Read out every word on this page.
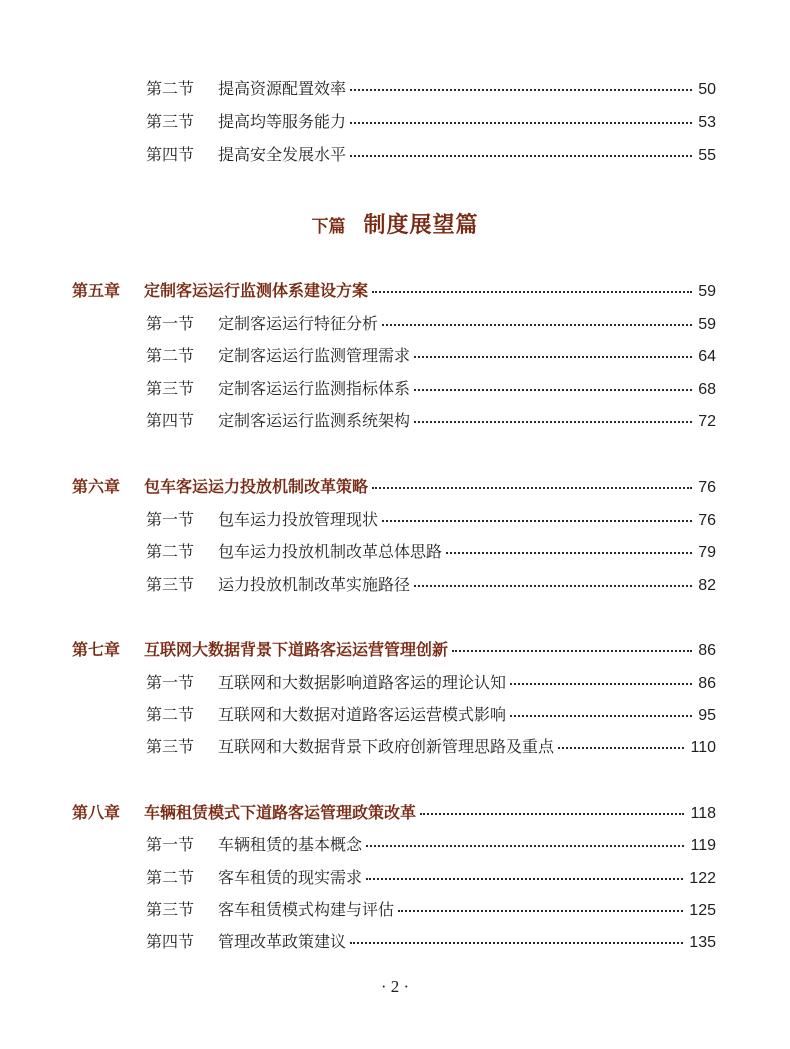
第二节	提高资源配置效率	50
第三节	提高均等服务能力	53
第四节	提高安全发展水平	55
下篇 制度展望篇
第五章	定制客运运行监测体系建设方案	59
第一节	定制客运运行特征分析	59
第二节	定制客运运行监测管理需求	64
第三节	定制客运运行监测指标体系	68
第四节	定制客运运行监测系统架构	72
第六章	包车客运运力投放机制改革策略	76
第一节	包车运力投放管理现状	76
第二节	包车运力投放机制改革总体思路	79
第三节	运力投放机制改革实施路径	82
第七章	互联网大数据背景下道路客运运营管理创新	86
第一节	互联网和大数据影响道路客运的理论认知	86
第二节	互联网和大数据对道路客运运营模式影响	95
第三节	互联网和大数据背景下政府创新管理思路及重点	110
第八章	车辆租赁模式下道路客运管理政策改革	118
第一节	车辆租赁的基本概念	119
第二节	客车租赁的现实需求	122
第三节	客车租赁模式构建与评估	125
第四节	管理改革政策建议	135
· 2 ·
